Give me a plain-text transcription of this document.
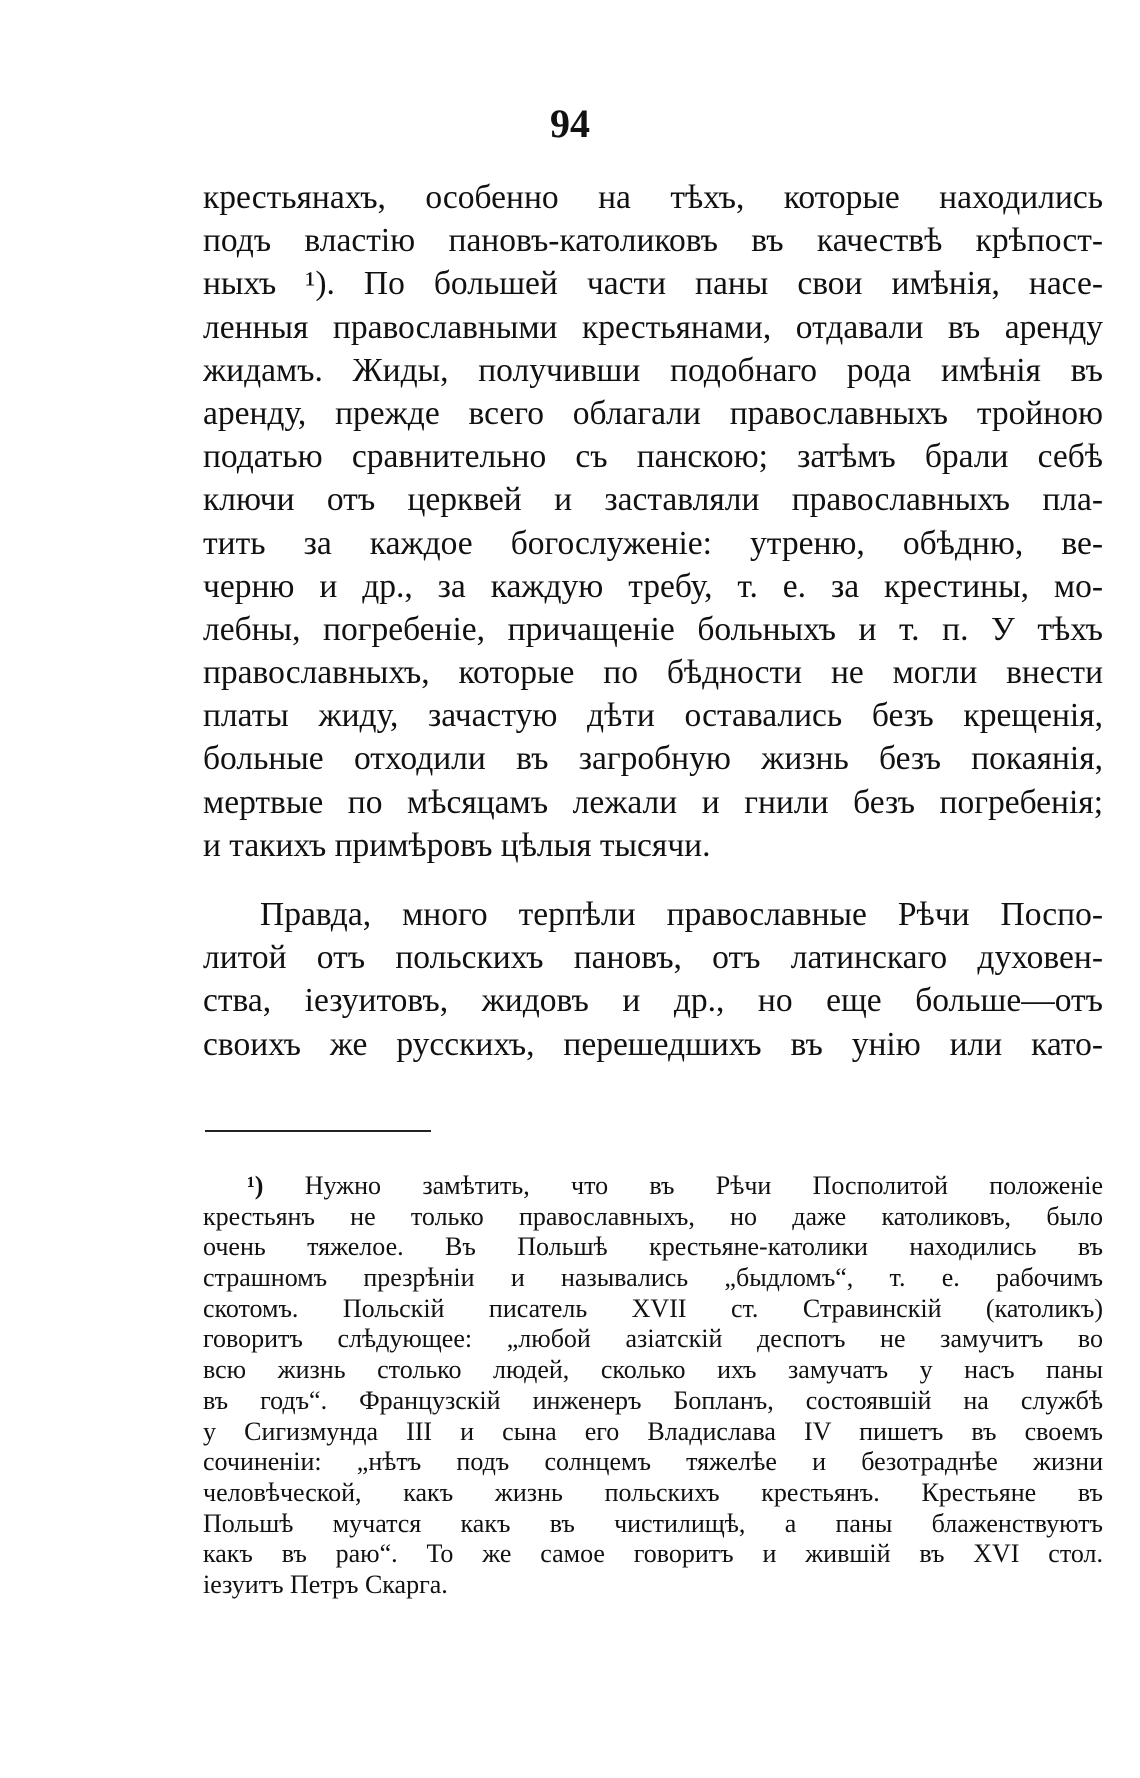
94
крестьянахъ, особенно на тѣхъ, которые находились
подъ властію пановъ-католиковъ въ качествѣ крѣпост-
ныхъ ¹). По большей части паны свои имѣнія, насе-
ленныя православными крестьянами, отдавали въ аренду
жидамъ. Жиды, получивши подобнаго рода имѣнія въ
аренду, прежде всего облагали православныхъ тройною
податью сравнительно съ панскою; затѣмъ брали себѣ
ключи отъ церквей и заставляли православныхъ пла-
тить за каждое богослуженіе: утреню, обѣдню, ве-
черню и др., за каждую требу, т. е. за крестины, мо-
лебны, погребеніе, причащеніе больныхъ и т. п. У тѣхъ
православныхъ, которые по бѣдности не могли внести
платы жиду, зачастую дѣти оставались безъ крещенія,
больные отходили въ загробную жизнь безъ покаянія,
мертвые по мѣсяцамъ лежали и гнили безъ погребенія;
и такихъ примѣровъ цѣлыя тысячи.
Правда, много терпѣли православные Рѣчи Поспо-
литой отъ польскихъ пановъ, отъ латинскаго духовен-
ства, іезуитовъ, жидовъ и др., но еще больше—отъ
своихъ же русскихъ, перешедшихъ въ унію или като-
¹) Нужно замѣтить, что въ Рѣчи Посполитой положеніе
крестьянъ не только православныхъ, но даже католиковъ, было
очень тяжелое. Въ Польшѣ крестьяне-католики находились въ
страшномъ презрѣніи и назывались „быдломъ“, т. е. рабочимъ
скотомъ. Польскій писатель XVII ст. Стравинскій (католикъ)
говоритъ слѣдующее: „любой азіатскій деспотъ не замучитъ во
всю жизнь столько людей, сколько ихъ замучатъ у насъ паны
въ годъ“. Французскій инженеръ Бопланъ, состоявшій на службѣ
у Сигизмунда III и сына его Владислава IV пишетъ въ своемъ
сочиненіи: „нѣтъ подъ солнцемъ тяжелѣе и безотраднѣе жизни
человѣческой, какъ жизнь польскихъ крестьянъ. Крестьяне въ
Польшѣ мучатся какъ въ чистилищѣ, а паны блаженствуютъ
какъ въ раю“. То же самое говоритъ и жившій въ XVI стол.
іезуитъ Петръ Скарга.
